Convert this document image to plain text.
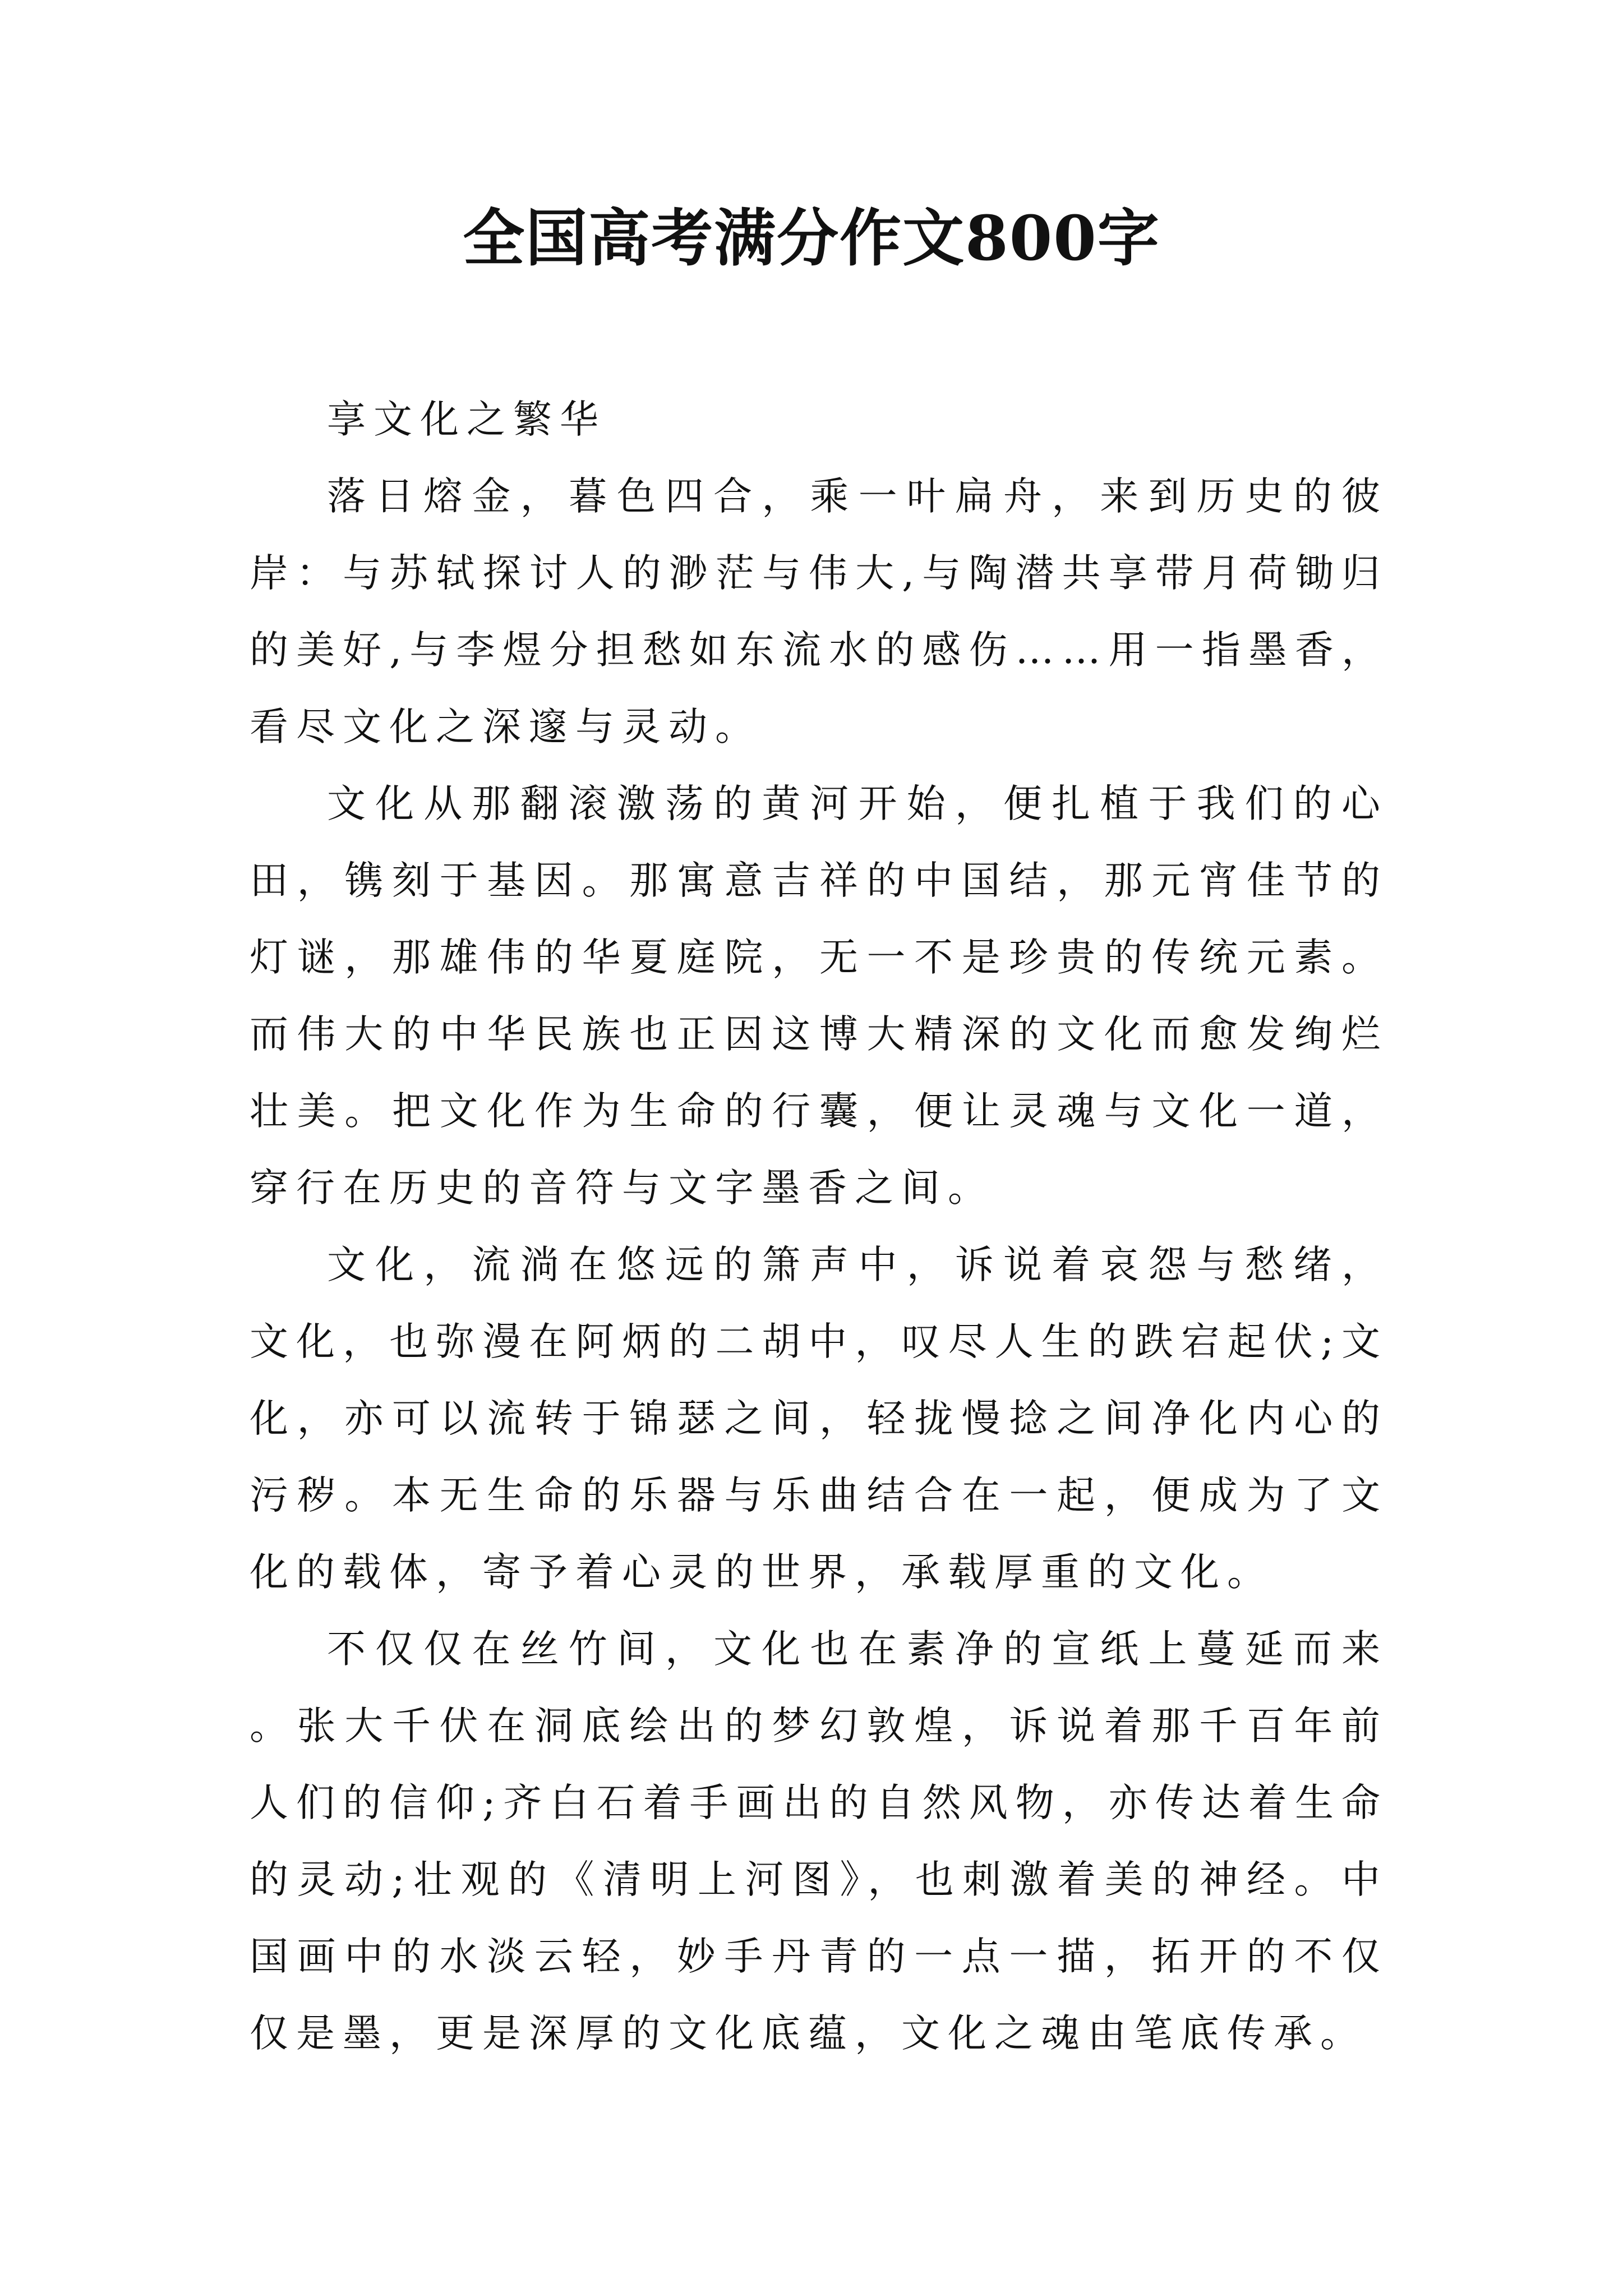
全国高考满分作文800字

享文化之繁华

落日熔金，暮色四合，乘一叶扁舟，来到历史的彼岸：与苏轼探讨人的渺茫与伟大,与陶潜共享带月荷锄归的美好,与李煜分担愁如东流水的感伤……用一指墨香，看尽文化之深邃与灵动。

文化从那翻滚激荡的黄河开始，便扎植于我们的心田，镌刻于基因。那寓意吉祥的中国结，那元宵佳节的灯谜，那雄伟的华夏庭院，无一不是珍贵的传统元素。而伟大的中华民族也正因这博大精深的文化而愈发绚烂壮美。把文化作为生命的行囊，便让灵魂与文化一道，穿行在历史的音符与文字墨香之间。

文化，流淌在悠远的箫声中，诉说着哀怨与愁绪，文化，也弥漫在阿炳的二胡中，叹尽人生的跌宕起伏;文化，亦可以流转于锦瑟之间，轻拢慢捻之间净化内心的污秽。本无生命的乐器与乐曲结合在一起，便成为了文化的载体，寄予着心灵的世界，承载厚重的文化。

不仅仅在丝竹间，文化也在素净的宣纸上蔓延而来。张大千伏在洞底绘出的梦幻敦煌，诉说着那千百年前人们的信仰;齐白石着手画出的自然风物，亦传达着生命的灵动;壮观的《清明上河图》，也刺激着美的神经。中国画中的水淡云轻，妙手丹青的一点一描，拓开的不仅仅是墨，更是深厚的文化底蕴，文化之魂由笔底传承。
